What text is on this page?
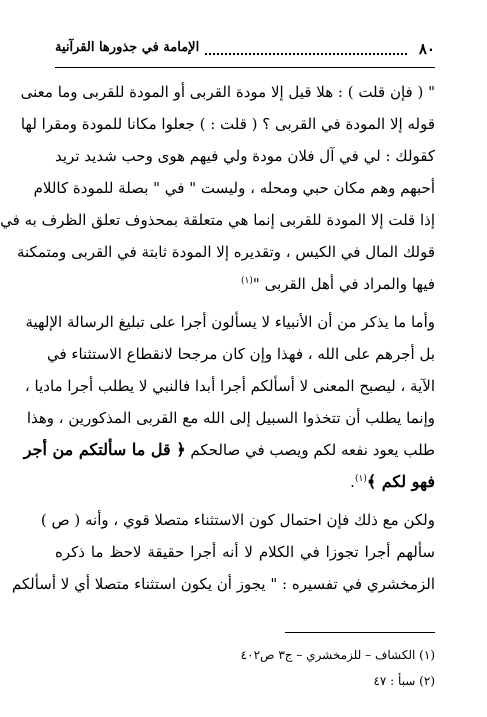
٨٠
الإمامة في جذورها القرآنية
" ( فإن قلت ) : هلا قيل إلا مودة القربى أو المودة للقربى وما معنى
قوله إلا المودة في القربى ؟ ( قلت : ) جعلوا مكانا للمودة ومقرا لها
كقولك : لي في آل فلان مودة ولي فيهم هوى وحب شديد تريد
أحبهم وهم مكان حبي ومحله ، وليست " في " بصلة للمودة كاللام
إذا قلت إلا المودة للقربى إنما هي متعلقة بمحذوف تعلق الظرف به في
قولك المال في الكيس ، وتقديره إلا المودة ثابتة في القربى ومتمكنة
فيها والمراد في أهل القربى "$^{(١)}$
وأما ما يذكر من أن الأنبياء لا يسألون أجرا على تبليغ الرسالة الإلهية
بل أجرهم على الله ، فهذا وإن كان مرجحا لانقطاع الاستثناء في
الآية ، ليصبح المعنى لا أسألكم أجرا أبدا فالنبي لا يطلب أجرا ماديا ،
وإنما يطلب أن تتخذوا السبيل إلى الله مع القربى المذكورين ، وهذا
طلب يعود نفعه لكم ويصب في صالحكم ﴿ قل ما سألتكم من أجر
فهو لكم ﴾$^{(١)}$.
ولكن مع ذلك فإن احتمال كون الاستثناء متصلا قوي ، وأنه ( ص )
سألهم أجرا تجوزا في الكلام لا أنه أجرا حقيقة لاحظ ما ذكره
الزمخشري في تفسيره : " يجوز أن يكون استثناء متصلا أي لا أسألكم
(١) الكشاف – للزمخشري – ج٣ ص٤٠٢
(٢) سبأ : ٤٧
